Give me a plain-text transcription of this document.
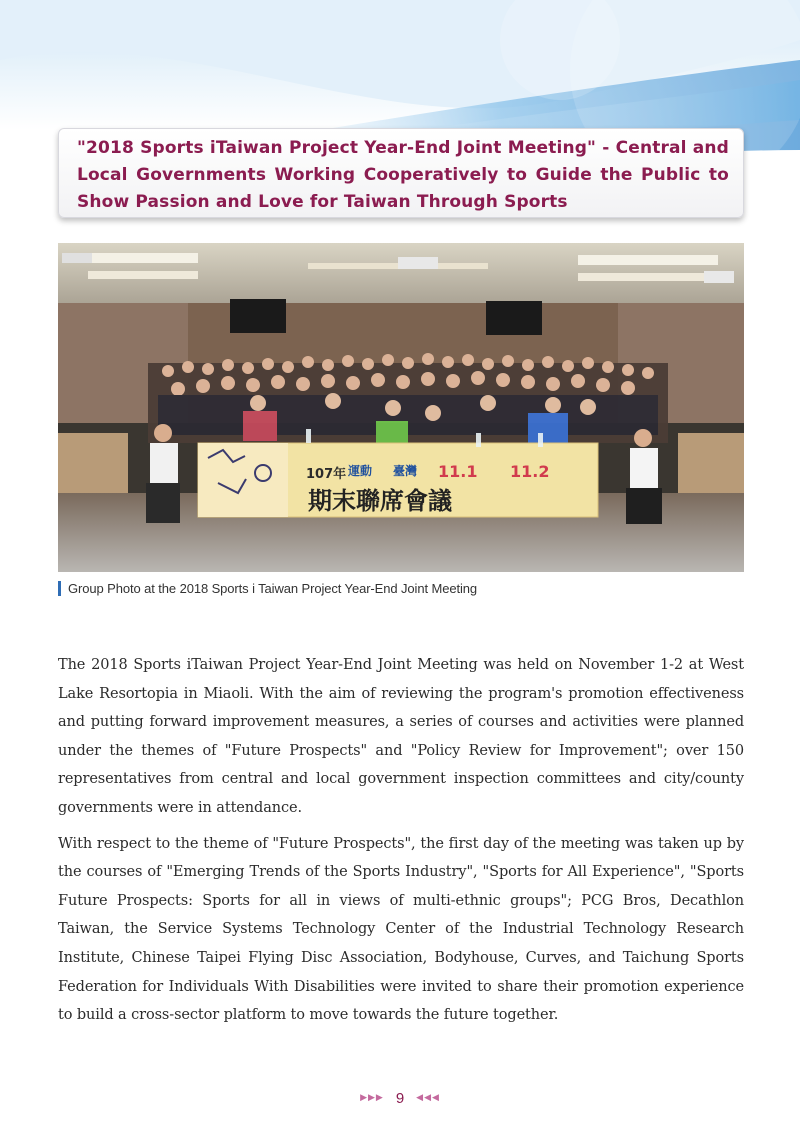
"2018 Sports iTaiwan Project Year-End Joint Meeting" - Central and Local Governments Working Cooperatively to Guide the Public to Show Passion and Love for Taiwan Through Sports

107年 運動 臺灣 11.1 11.2
期末聯席會議
Group Photo at the 2018 Sports i Taiwan Project Year-End Joint Meeting

The 2018 Sports iTaiwan Project Year-End Joint Meeting was held on November 1-2 at West Lake Resortopia in Miaoli. With the aim of reviewing the program's promotion effectiveness and putting forward improvement measures, a series of courses and activities were planned under the themes of "Future Prospects" and "Policy Review for Improvement"; over 150 representatives from central and local government inspection committees and city/county governments were in attendance.

With respect to the theme of "Future Prospects", the first day of the meeting was taken up by the courses of "Emerging Trends of the Sports Industry", "Sports for All Experience", "Sports Future Prospects: Sports for all in views of multi-ethnic groups"; PCG Bros, Decathlon Taiwan, the Service Systems Technology Center of the Industrial Technology Research Institute, Chinese Taipei Flying Disc Association, Bodyhouse, Curves, and Taichung Sports Federation for Individuals With Disabilities were invited to share their promotion experience to build a cross-sector platform to move towards the future together.

▶▶▶ 9 ◀◀◀
